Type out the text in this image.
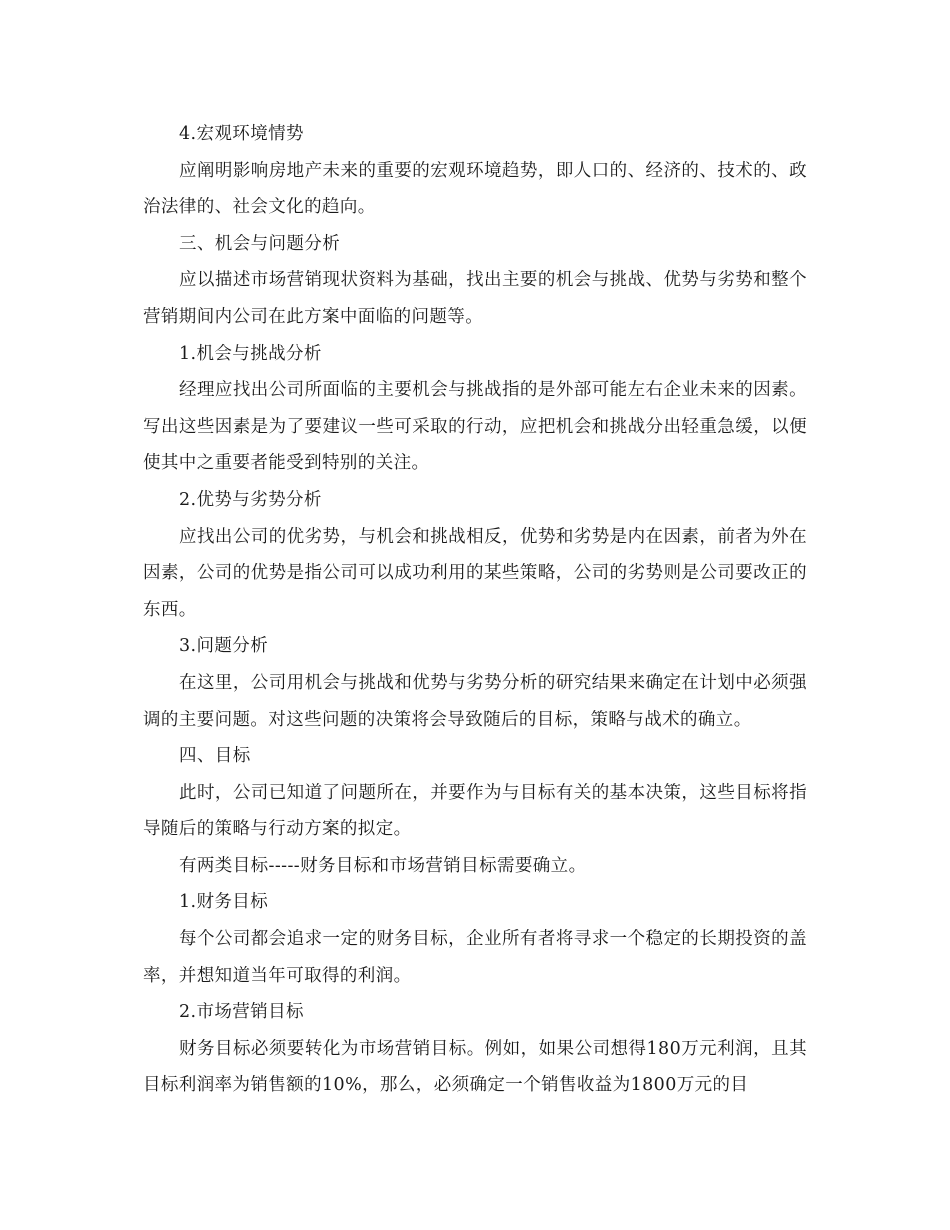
4.宏观环境情势

应阐明影响房地产未来的重要的宏观环境趋势，即人口的、经济的、技术的、政治法律的、社会文化的趋向。

三、机会与问题分析

应以描述市场营销现状资料为基础，找出主要的机会与挑战、优势与劣势和整个营销期间内公司在此方案中面临的问题等。

1.机会与挑战分析

经理应找出公司所面临的主要机会与挑战指的是外部可能左右企业未来的因素。写出这些因素是为了要建议一些可采取的行动，应把机会和挑战分出轻重急缓，以便使其中之重要者能受到特别的关注。

2.优势与劣势分析

应找出公司的优劣势，与机会和挑战相反，优势和劣势是内在因素，前者为外在因素，公司的优势是指公司可以成功利用的某些策略，公司的劣势则是公司要改正的东西。

3.问题分析

在这里，公司用机会与挑战和优势与劣势分析的研究结果来确定在计划中必须强调的主要问题。对这些问题的决策将会导致随后的目标，策略与战术的确立。

四、目标

此时，公司已知道了问题所在，并要作为与目标有关的基本决策，这些目标将指导随后的策略与行动方案的拟定。

有两类目标-----财务目标和市场营销目标需要确立。

1.财务目标

每个公司都会追求一定的财务目标，企业所有者将寻求一个稳定的长期投资的盖率，并想知道当年可取得的利润。

2.市场营销目标

财务目标必须要转化为市场营销目标。例如，如果公司想得180万元利润，且其目标利润率为销售额的10%，那么，必须确定一个销售收益为1800万元的目
